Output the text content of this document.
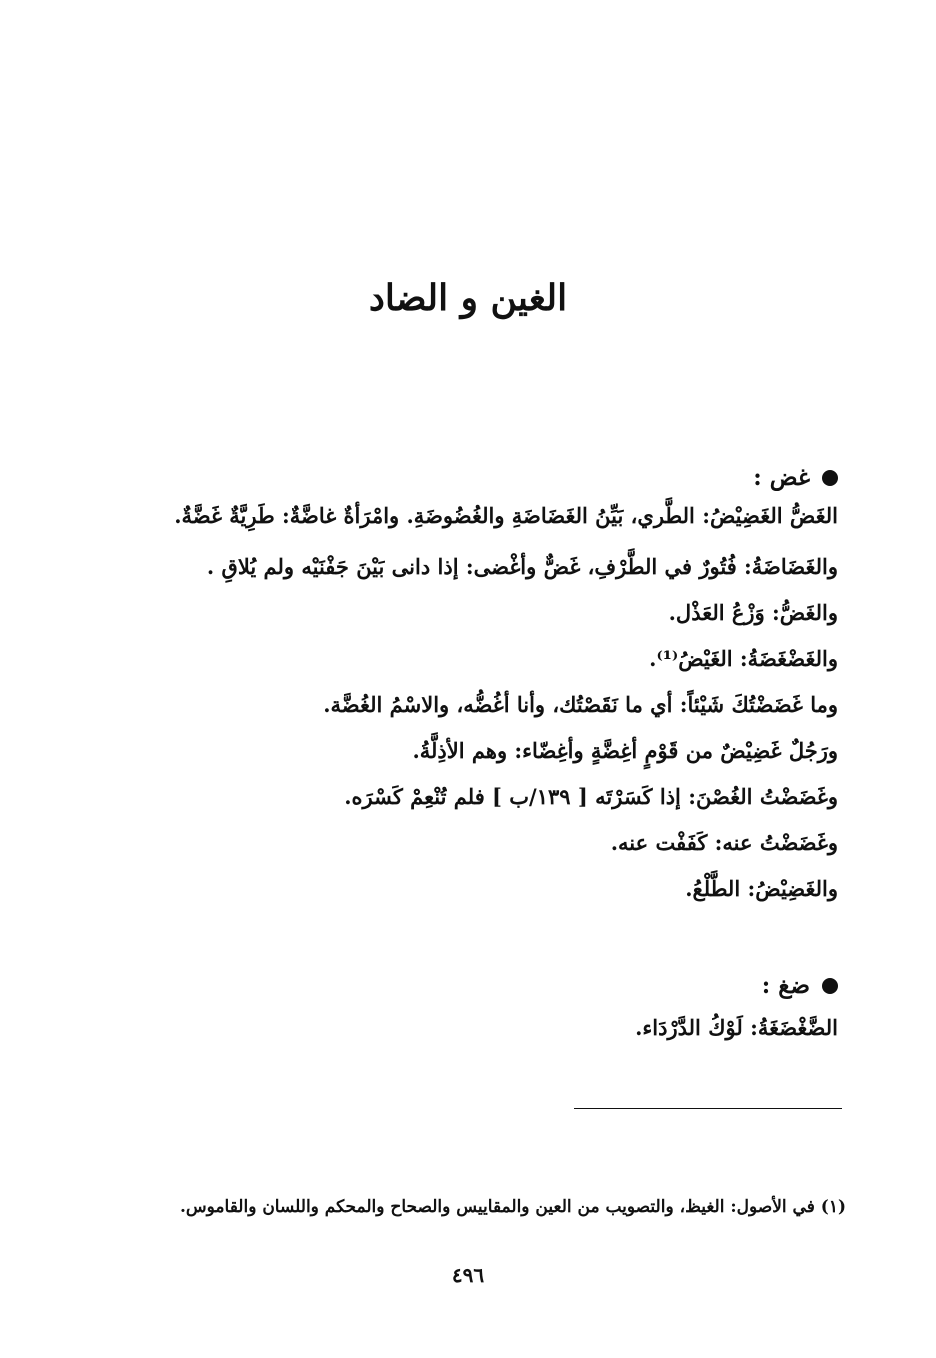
الغين و الضاد
غض :

الغَضُّ الغَضِيْضُ: الطَّري، بَيِّنُ الغَضَاضَةِ والغُضُوضَةِ. وامْرَأةٌ غاضَّةٌ: طَرِيَّةٌ غَضَّةٌ.

والغَضَاضَةُ: فُتُورٌ في الطَّرْفِ، غَضٌّ وأغْضى: إذا دانى بَيْنَ جَفْنَيْه ولم يُلاقِ .

والغَضُّ: وَزْعُ العَذْل.

والغَضْغَضَةُ: الغَيْضُ⁽¹⁾.

وما غَضَضْتُكَ شَيْئاً: أي ما نَقَصْتُك، وأنا أغُضُّه، والاسْمُ الغُضَّة.

ورَجُلٌ غَضِيْضٌ من قَوْمٍ أغِضَّةٍ وأغِضّاء: وهم الأذِلَّةُ.

وغَضَضْتُ الغُصْنَ: إذا كَسَرْتَه [ ١٣٩/ب ] فلم تُنْعِمْ كَسْرَه.

وغَضَضْتُ عنه: كَفَفْت عنه.

والغَضِيْضُ: الطَّلْعُ.

ضغ :

الضَّغْضَغَةُ: لَوْكُ الدَّرْدَاء.

(١) في الأصول: الغيظ، والتصويب من العين والمقاييس والصحاح والمحكم واللسان والقاموس.
٤٩٦
